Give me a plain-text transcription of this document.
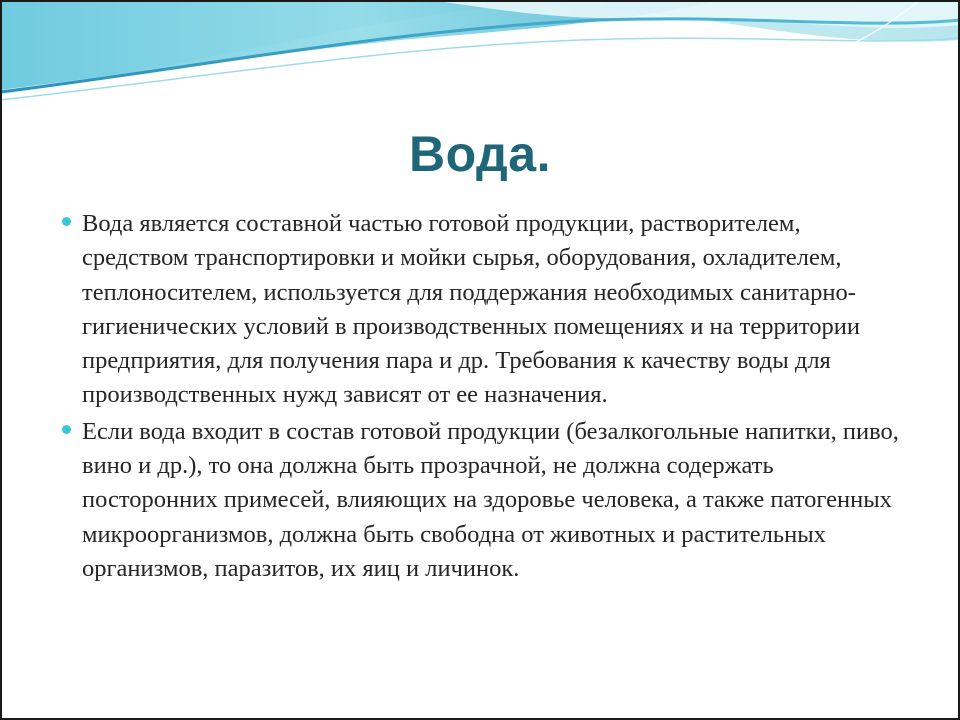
Вода.

Вода является составной частью готовой продукции, растворителем, средством транспортировки и мойки сырья, оборудования, охладителем, теплоносителем, используется для поддержания необходимых санитарно-гигиенических условий в производственных помещениях и на территории предприятия, для получения пара и др. Требования к качеству воды для производственных нужд зависят от ее назначения.

Если вода входит в состав готовой продукции (безалкогольные напитки, пиво, вино и др.), то она должна быть прозрачной, не должна содержать посторонних примесей, влияющих на здоровье человека, а также патогенных микроорганизмов, должна быть свободна от животных и растительных организмов, паразитов, их яиц и личинок.
